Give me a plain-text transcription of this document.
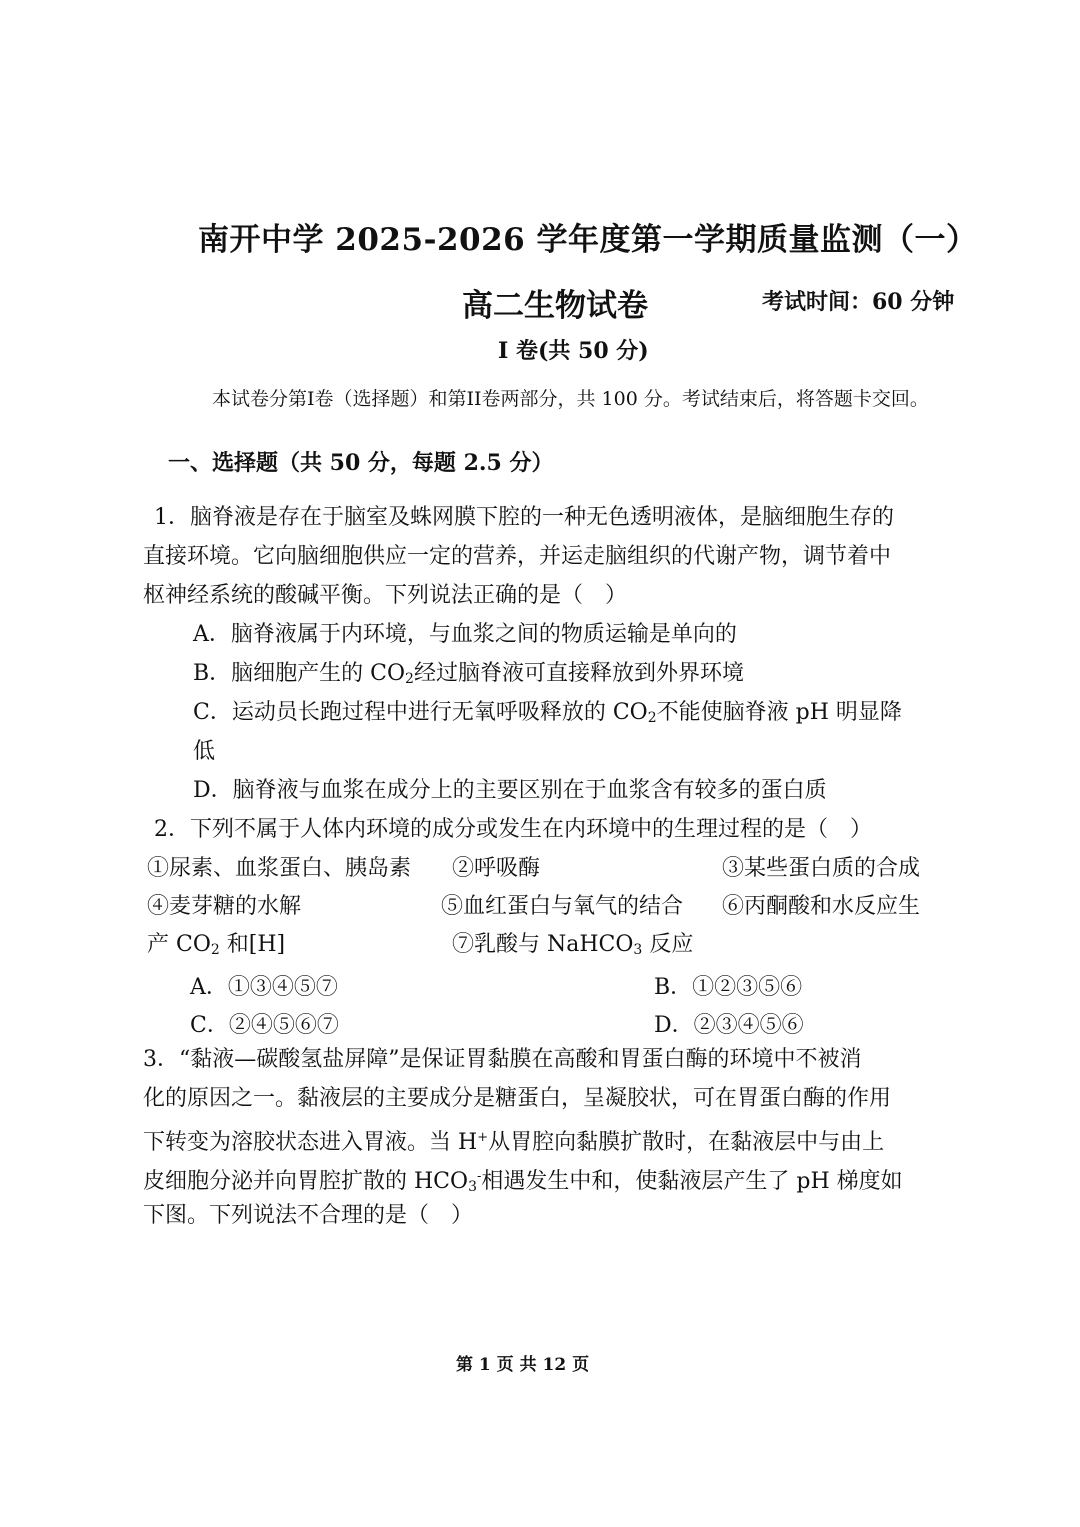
南开中学 2025-2026 学年度第一学期质量监测（一）
高二生物试卷	考试时间：60 分钟
I 卷(共 50 分)
本试卷分第I卷（选择题）和第II卷两部分，共 100 分。考试结束后，将答题卡交回。
一、选择题（共 50 分，每题 2.5 分）
1．脑脊液是存在于脑室及蛛网膜下腔的一种无色透明液体，是脑细胞生存的
直接环境。它向脑细胞供应一定的营养，并运走脑组织的代谢产物，调节着中
枢神经系统的酸碱平衡。下列说法正确的是（　）
A．脑脊液属于内环境，与血浆之间的物质运输是单向的
B．脑细胞产生的 $CO_2$经过脑脊液可直接释放到外界环境
C．运动员长跑过程中进行无氧呼吸释放的 $CO_2$不能使脑脊液 pH 明显降
低
D．脑脊液与血浆在成分上的主要区别在于血浆含有较多的蛋白质
2．下列不属于人体内环境的成分或发生在内环境中的生理过程的是（　）
①尿素、血浆蛋白、胰岛素 ②呼吸酶	③某些蛋白质的合成
④麦芽糖的水解	⑤血红蛋白与氧气的结合 ⑥丙酮酸和水反应生
产 $CO_2$ 和[H]	⑦乳酸与 NaHCO$_3$ 反应
A．①③④⑤⑦	B．①②③⑤⑥
C．②④⑤⑥⑦	D．②③④⑤⑥
3．“黏液—碳酸氢盐屏障”是保证胃黏膜在高酸和胃蛋白酶的环境中不被消
化的原因之一。黏液层的主要成分是糖蛋白，呈凝胶状，可在胃蛋白酶的作用
下转变为溶胶状态进入胃液。当 H+从胃腔向黏膜扩散时，在黏液层中与由上
皮细胞分泌并向胃腔扩散的 $HCO_3^-$相遇发生中和，使黏液层产生了 pH 梯度如
下图。下列说法不合理的是（　）
第 1 页 共 12 页
